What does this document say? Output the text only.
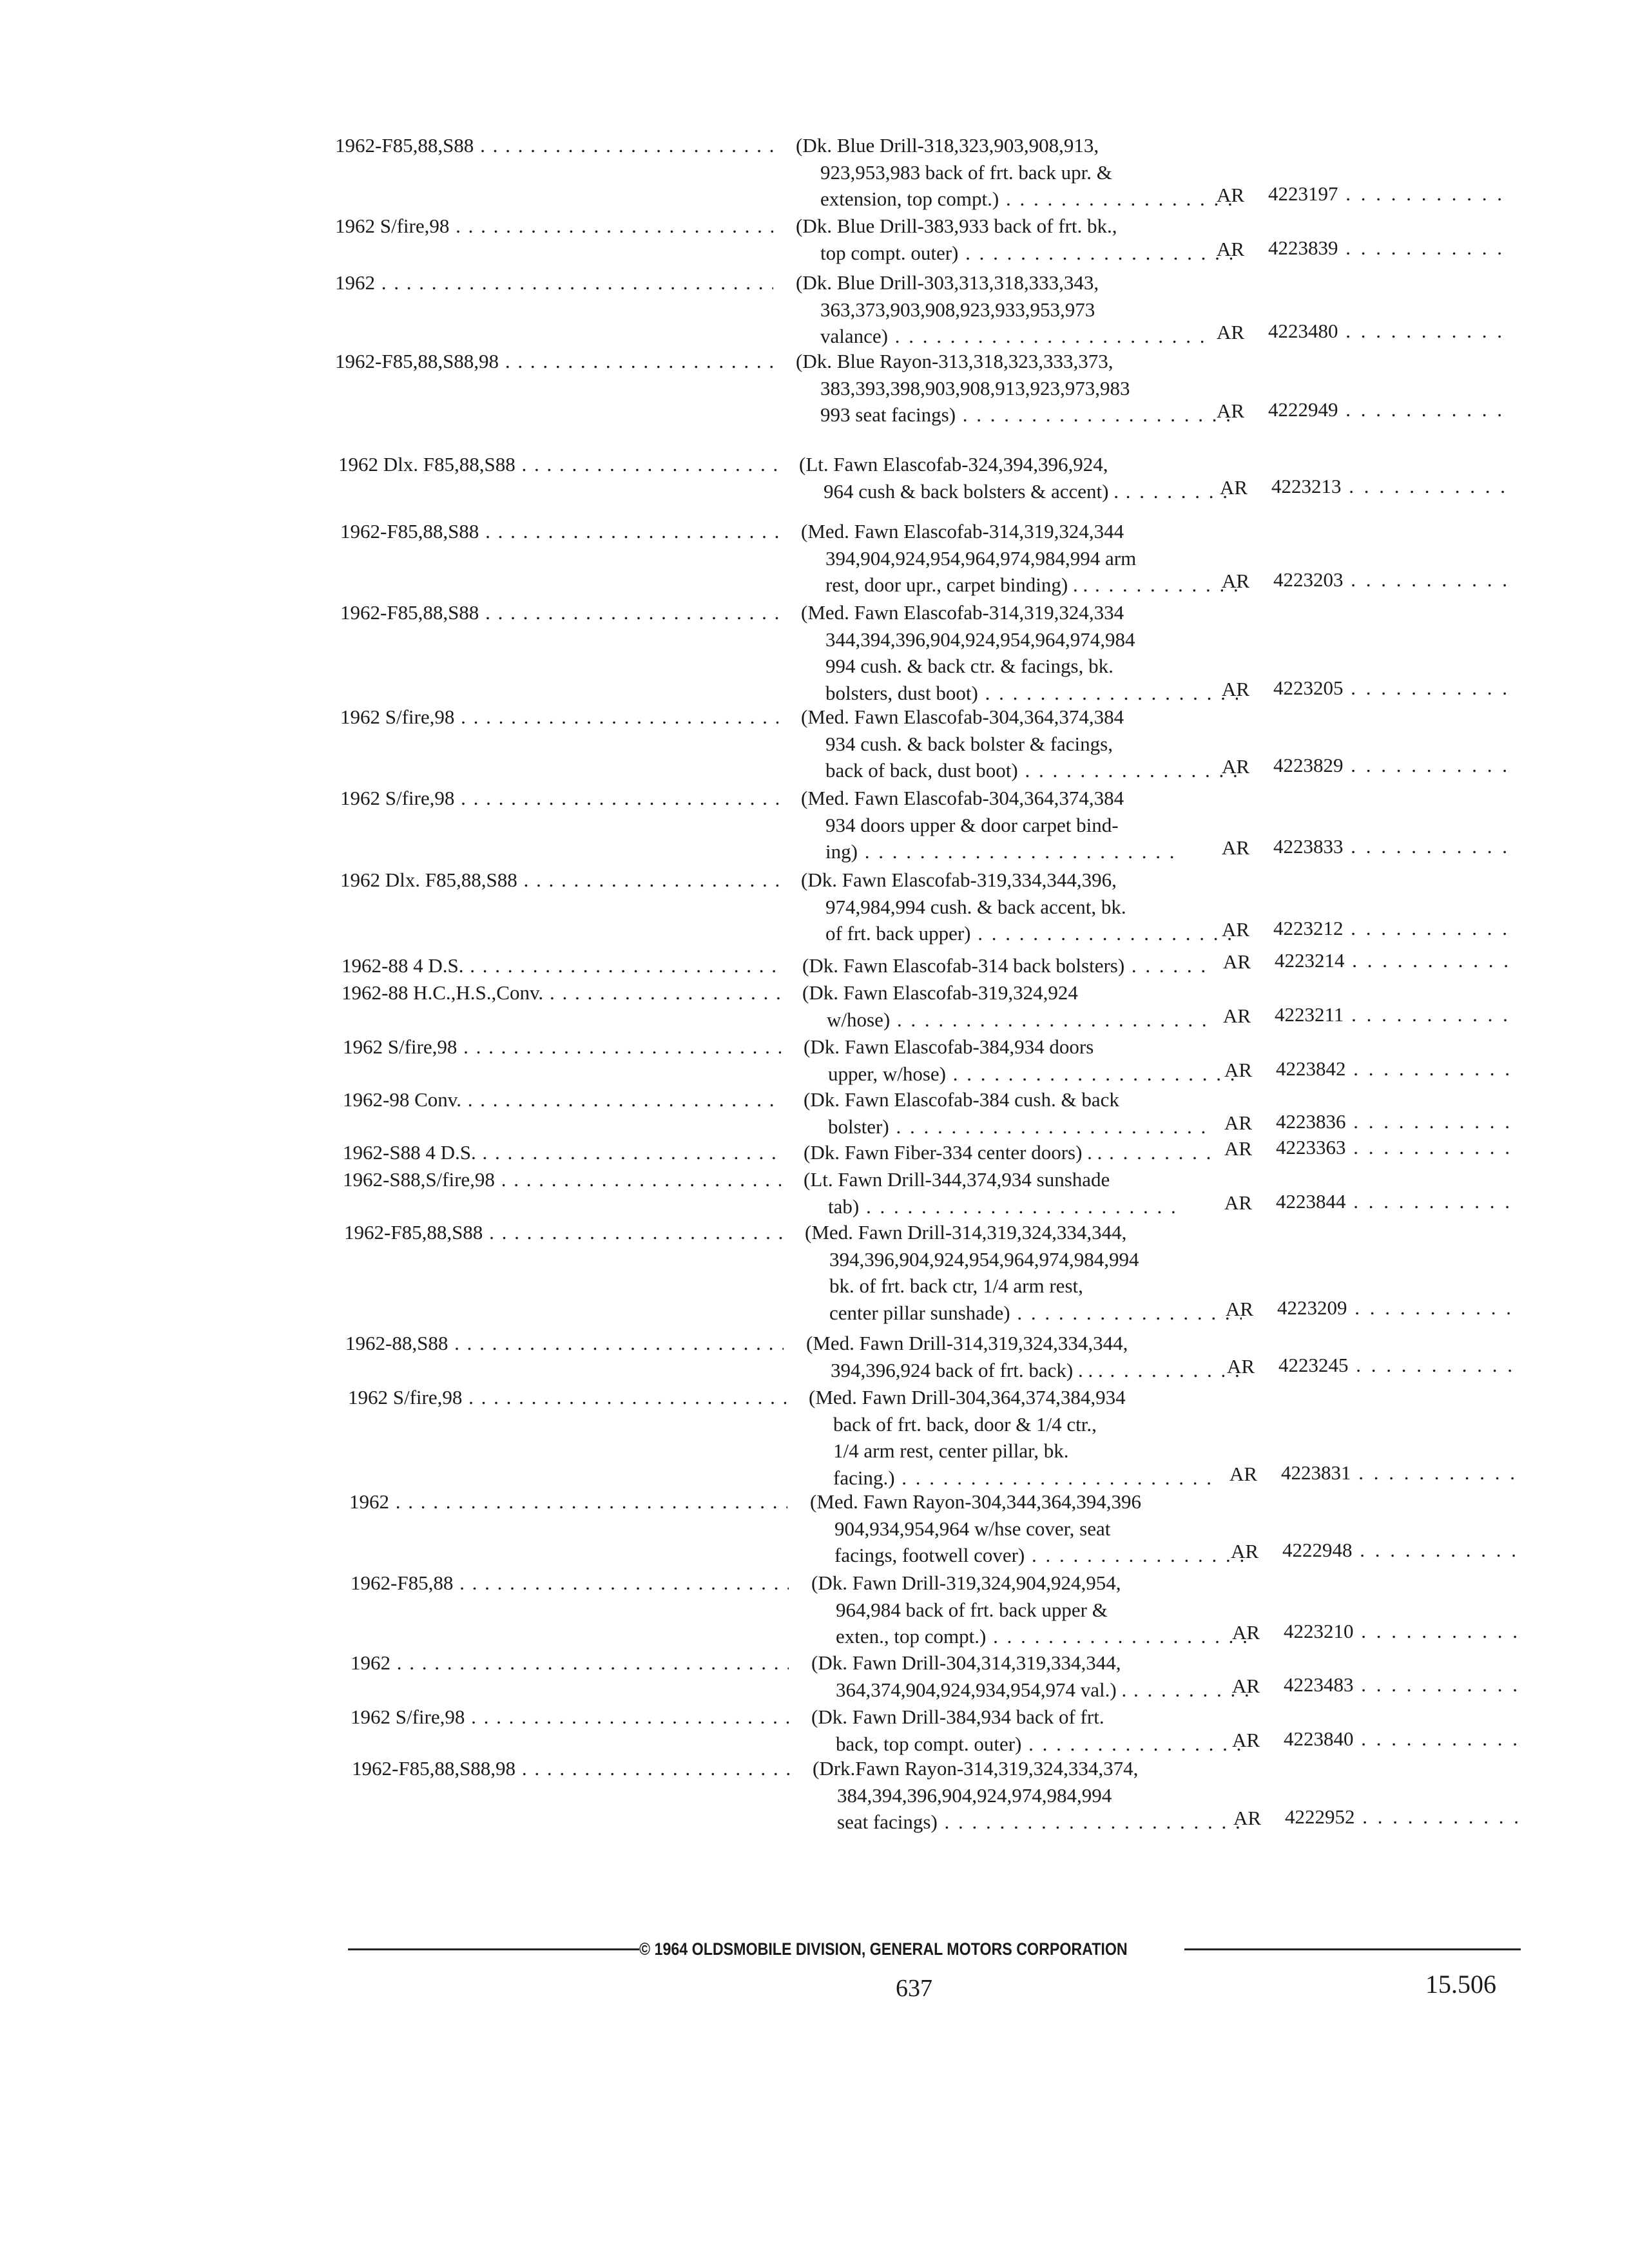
1962-F85,88,S88 . . .	(Dk. Blue Drill-318,323,903,908,913,
923,953,983 back of frt. back upr. &
extension, top compt.) . . .	AR	4223197 . . .
1962 S/fire,98 . . .	(Dk. Blue Drill-383,933 back of frt. bk.,
top compt. outer) . . .	AR	4223839 . . .
1962 . . .	(Dk. Blue Drill-303,313,318,333,343,
363,373,903,908,923,933,953,973
valance) . . .	AR	4223480 . . .
1962-F85,88,S88,98 . . .	(Dk. Blue Rayon-313,318,323,333,373,
383,393,398,903,908,913,923,973,983
993 seat facings) . . .	AR	4222949 . . .
1962 Dlx. F85,88,S88 . . .	(Lt. Fawn Elascofab-324,394,396,924,
964 cush & back bolsters & accent) . . . .	AR	4223213 . . .
1962-F85,88,S88 . . .	(Med. Fawn Elascofab-314,319,324,344
394,904,924,954,964,974,984,994 arm
rest, door upr., carpet binding) . . . . .	AR	4223203 . . .
1962-F85,88,S88 . . .	(Med. Fawn Elascofab-314,319,324,334
344,394,396,904,924,954,964,974,984
994 cush. & back ctr. & facings, bk.
bolsters, dust boot) . . .	AR	4223205 . . .
1962 S/fire,98 . . .	(Med. Fawn Elascofab-304,364,374,384
934 cush. & back bolster & facings,
back of back, dust boot) . . .	AR	4223829 . . .
1962 S/fire,98 . . .	(Med. Fawn Elascofab-304,364,374,384
934 doors upper & door carpet bind-
ing) . . .	AR	4223833 . . .
1962 Dlx. F85,88,S88 . . .	(Dk. Fawn Elascofab-319,334,344,396,
974,984,994 cush. & back accent, bk.
of frt. back upper) . . .	AR	4223212 . . .
1962-88 4 D.S. . . .	(Dk. Fawn Elascofab-314 back bolsters) . . .	AR	4223214 . . .
1962-88 H.C.,H.S.,Conv. . . .	(Dk. Fawn Elascofab-319,324,924
w/hose) . . .	AR	4223211 . . .
1962 S/fire,98 . . .	(Dk. Fawn Elascofab-384,934 doors
upper, w/hose) . . .	AR	4223842 . . .
1962-98 Conv. . . .	(Dk. Fawn Elascofab-384 cush. & back
bolster) . . .	AR	4223836 . . .
1962-S88 4 D.S. . . .	(Dk. Fawn Fiber-334 center doors) . . . . .	AR	4223363 . . .
1962-S88,S/fire,98 . . .	(Lt. Fawn Drill-344,374,934 sunshade
tab) . . .	AR	4223844 . . .
1962-F85,88,S88 . . .	(Med. Fawn Drill-314,319,324,334,344,
394,396,904,924,954,964,974,984,994
bk. of frt. back ctr, 1/4 arm rest,
center pillar sunshade) . . .	AR	4223209 . . .
1962-88,S88 . . .	(Med. Fawn Drill-314,319,324,334,344,
394,396,924 back of frt. back) . . . . . .	AR	4223245 . . .
1962 S/fire,98 . . .	(Med. Fawn Drill-304,364,374,384,934
back of frt. back, door & 1/4 ctr.,
1/4 arm rest, center pillar, bk.
facing.) . . .	AR	4223831 . . .
1962 . . .	(Med. Fawn Rayon-304,344,364,394,396
904,934,954,964 w/hse cover, seat
facings, footwell cover) . . .	AR	4222948 . . .
1962-F85,88 . . .	(Dk. Fawn Drill-319,324,904,924,954,
964,984 back of frt. back upper &
exten., top compt.) . . .	AR	4223210 . . .
1962 . . .	(Dk. Fawn Drill-304,314,319,334,344,
364,374,904,924,934,954,974 val.) . . . .	AR	4223483 . . .
1962 S/fire,98 . . .	(Dk. Fawn Drill-384,934 back of frt.
back, top compt. outer) . . .	AR	4223840 . . .
1962-F85,88,S88,98 . . .	(Drk.Fawn Rayon-314,319,324,334,374,
384,394,396,904,924,974,984,994
seat facings) . . .	AR	4222952 . . .
© 1964 OLDSMOBILE DIVISION, GENERAL MOTORS CORPORATION
637	15.506
